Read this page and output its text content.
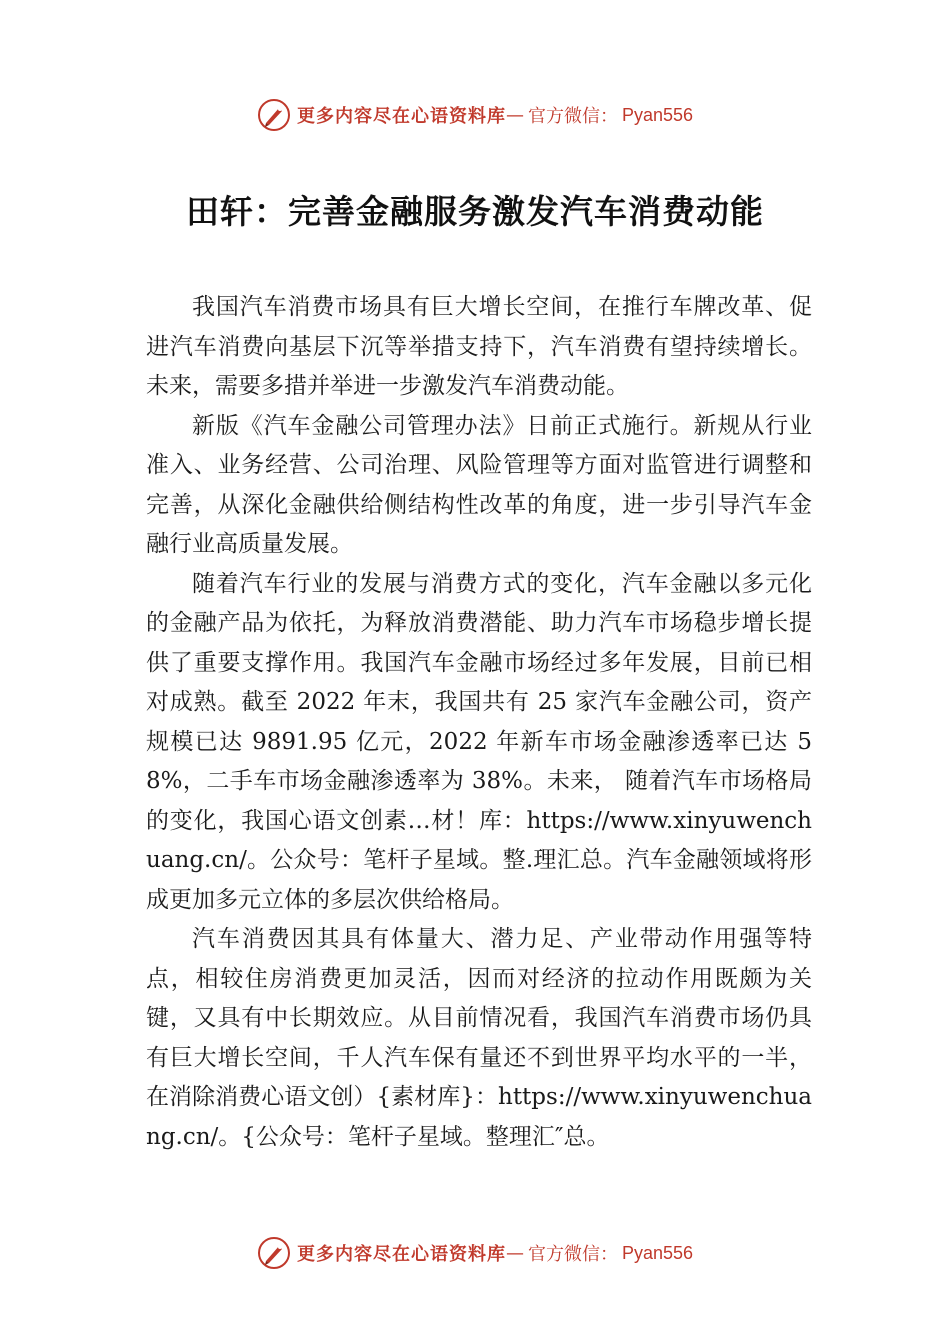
更多内容尽在心语资料库 — 官方微信： Pyan556
田轩：完善金融服务激发汽车消费动能

我国汽车消费市场具有巨大增长空间，在推行车牌改革、促进汽车消费向基层下沉等举措支持下，汽车消费有望持续增长。未来，需要多措并举进一步激发汽车消费动能。

新版《汽车金融公司管理办法》日前正式施行。新规从行业准入、业务经营、公司治理、风险管理等方面对监管进行调整和完善，从深化金融供给侧结构性改革的角度，进一步引导汽车金融行业高质量发展。

随着汽车行业的发展与消费方式的变化，汽车金融以多元化的金融产品为依托，为释放消费潜能、助力汽车市场稳步增长提供了重要支撑作用。我国汽车金融市场经过多年发展，目前已相对成熟。截至 2022 年末，我国共有 25 家汽车金融公司，资产规模已达 9891.95 亿元，2022 年新车市场金融渗透率已达 58%，二手车市场金融渗透率为 38%。未来， 随着汽车市场格局的变化，我国心语文创素…材！库：https://www.xinyuwenchuang.cn/。公众号：笔杆子星域。整.理汇总。汽车金融领域将形成更加多元立体的多层次供给格局。

汽车消费因其具有体量大、潜力足、产业带动作用强等特点，相较住房消费更加灵活，因而对经济的拉动作用既颇为关键，又具有中长期效应。从目前情况看，我国汽车消费市场仍具有巨大增长空间，千人汽车保有量还不到世界平均水平的一半，在消除消费心语文创）{素材库}：https://www.xinyuwenchuang.cn/。{公众号：笔杆子星域。整理汇″总。

更多内容尽在心语资料库 — 官方微信： Pyan556
